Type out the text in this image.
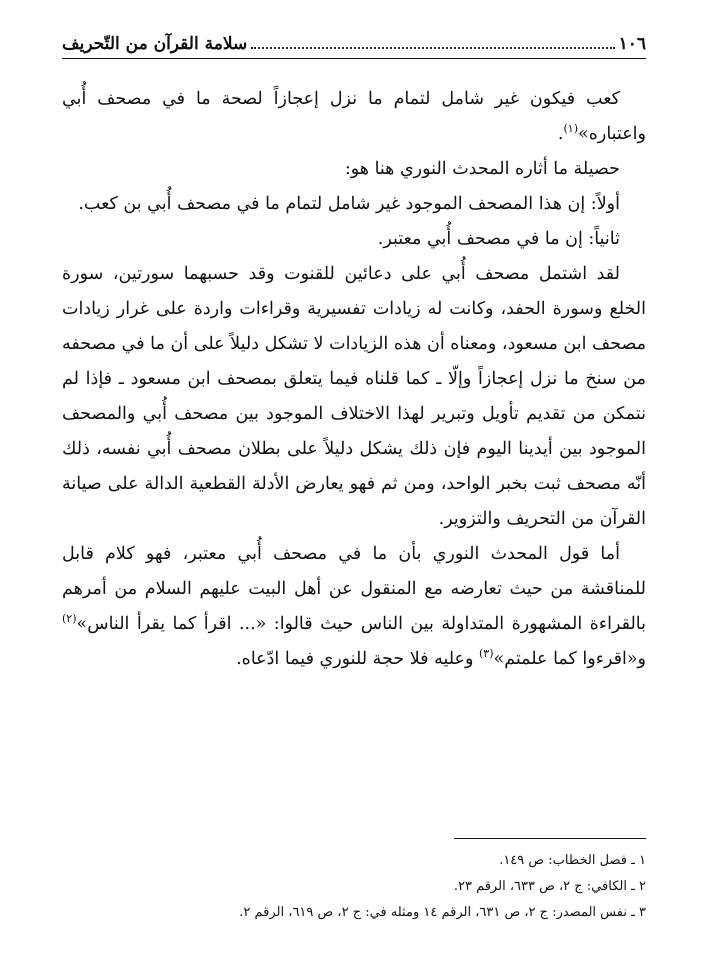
١٠٦
سلامة القرآن من التّحريف

كعب فيكون غير شامل لتمام ما نزل إعجازاً لصحة ما في مصحف أُبي واعتباره»$^{(١)}$.

حصيلة ما أثاره المحدث النوري هنا هو:

أولاً: إن هذا المصحف الموجود غير شامل لتمام ما في مصحف أُبي بن كعب.

ثانياً: إن ما في مصحف أُبي معتبر.

لقد اشتمل مصحف أُبي على دعائين للقنوت وقد حسبهما سورتين، سورة الخلع وسورة الحفد، وكانت له زيادات تفسيرية وقراءات واردة على غرار زيادات مصحف ابن مسعود، ومعناه أن هذه الزيادات لا تشكل دليلاً على أن ما في مصحفه من سنخ ما نزل إعجازاً وإلّا ـ كما قلناه فيما يتعلق بمصحف ابن مسعود ـ فإذا لم نتمكن من تقديم تأويل وتبرير لهذا الاختلاف الموجود بين مصحف أُبي والمصحف الموجود بين أيدينا اليوم فإن ذلك يشكل دليلاً على بطلان مصحف أُبي نفسه، ذلك أنّه مصحف ثبت بخبر الواحد، ومن ثم فهو يعارض الأدلة القطعية الدالة على صيانة القرآن من التحريف والتزوير.

أما قول المحدث النوري بأن ما في مصحف أُبي معتبر، فهو كلام قابل للمناقشة من حيث تعارضه مع المنقول عن أهل البيت عليهم السلام من أمرهم بالقراءة المشهورة المتداولة بين الناس حيث قالوا: «... اقرأ كما يقرأ الناس»$^{(٢)}$ و«اقرءوا كما علمتم»$^{(٣)}$ وعليه فلا حجة للنوري فيما ادّعاه.

١ ـ فصل الخطاب: ص ١٤٩.
٢ ـ الكافي: ج ٢، ص ٦٣٣، الرقم ٢٣.
٣ ـ نفس المصدر: ج ٢، ص ٦٣١، الرقم ١٤ ومثله في: ج ٢، ص ٦١٩، الرقم ٢.
